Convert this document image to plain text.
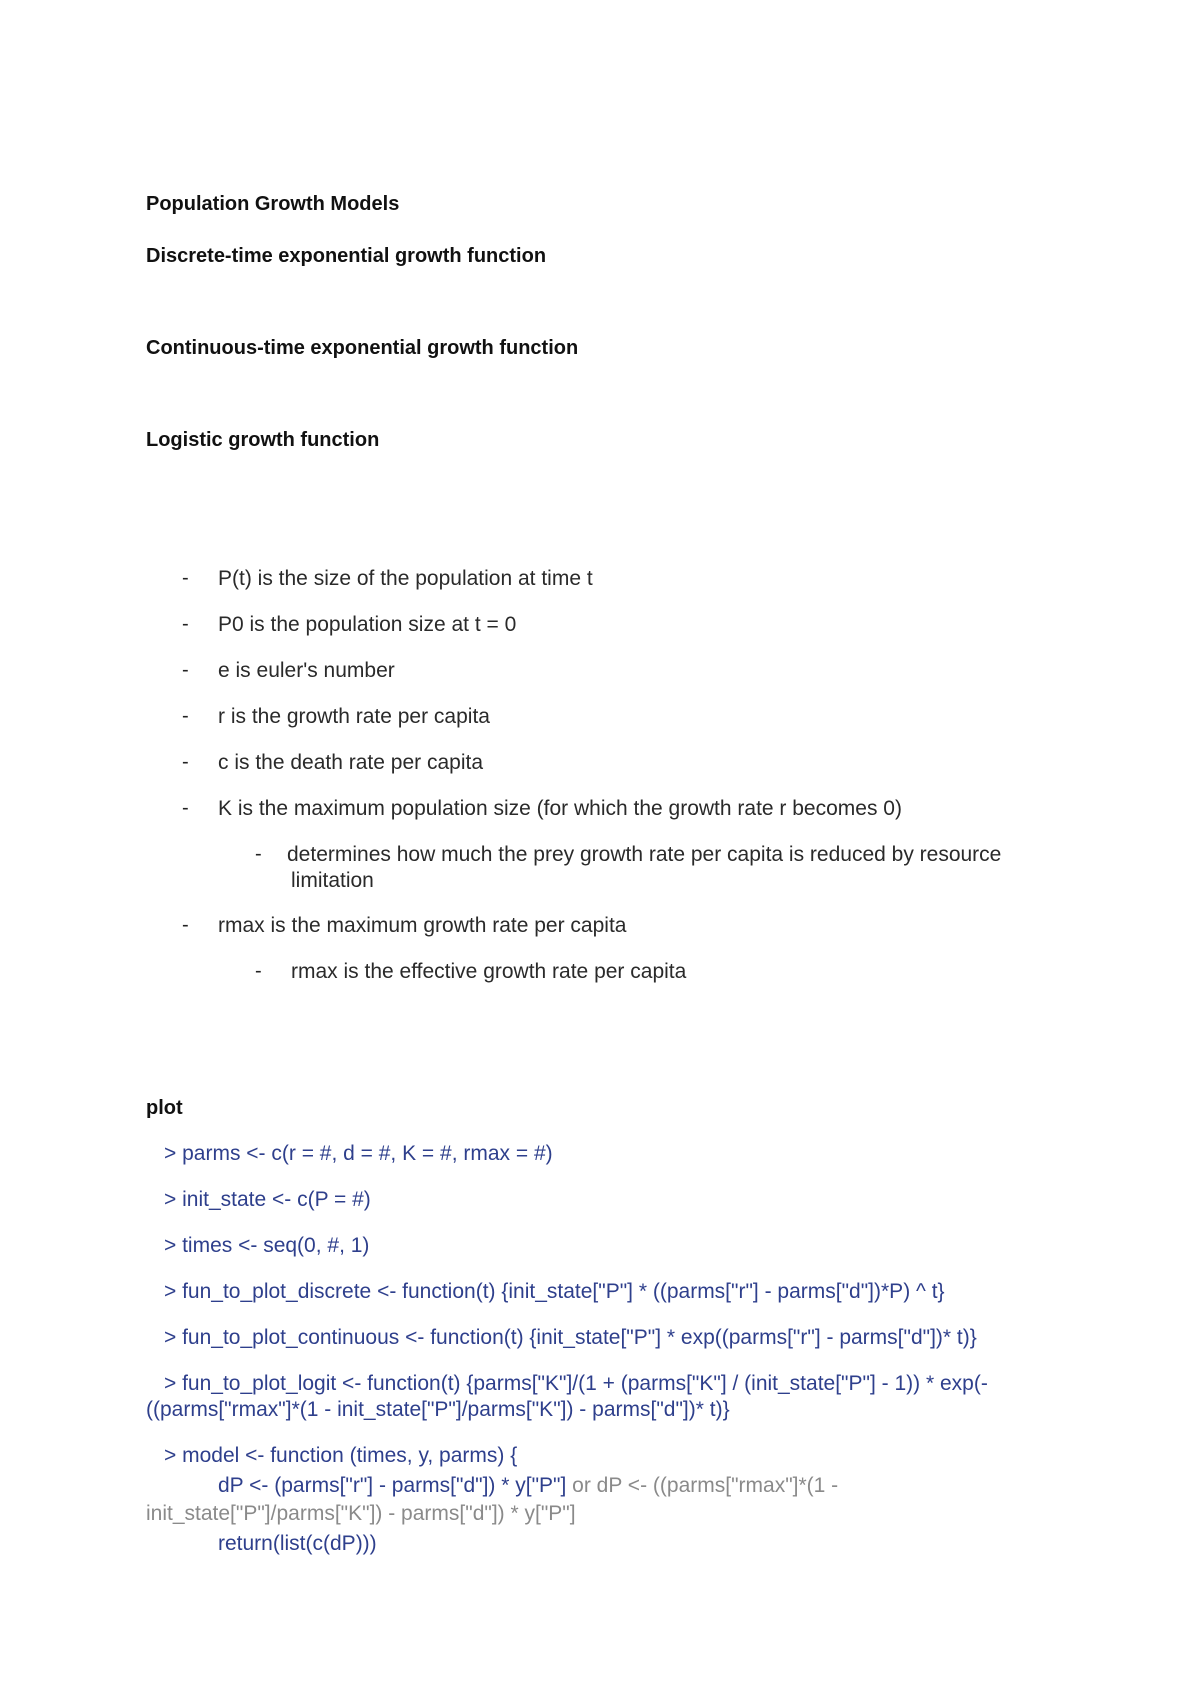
Population Growth Models
Discrete-time exponential growth function
Continuous-time exponential growth function
Logistic growth function
- P(t) is the size of the population at time t
- P0 is the population size at t = 0
- e is euler's number
- r is the growth rate per capita
- c is the death rate per capita
- K is the maximum population size (for which the growth rate r becomes 0)
- determines how much the prey growth rate per capita is reduced by resource
limitation
- rmax is the maximum growth rate per capita
- rmax is the effective growth rate per capita
plot
> parms <- c(r = #, d = #, K = #, rmax = #)
> init_state <- c(P = #)
> times <- seq(0, #, 1)
> fun_to_plot_discrete <- function(t) {init_state["P"] * ((parms["r"] - parms["d"])*P) ^ t}
> fun_to_plot_continuous <- function(t) {init_state["P"] * exp((parms["r"] - parms["d"])* t)}
> fun_to_plot_logit <- function(t) {parms["K"]/(1 + (parms["K"] / (init_state["P"] - 1)) * exp(-
((parms["rmax"]*(1 - init_state["P"]/parms["K"]) - parms["d"])* t)}
> model <- function (times, y, parms) {
dP <- (parms["r"] - parms["d"]) * y["P"] or dP <- ((parms["rmax"]*(1 -
init_state["P"]/parms["K"]) - parms["d"]) * y["P"]
return(list(c(dP)))
